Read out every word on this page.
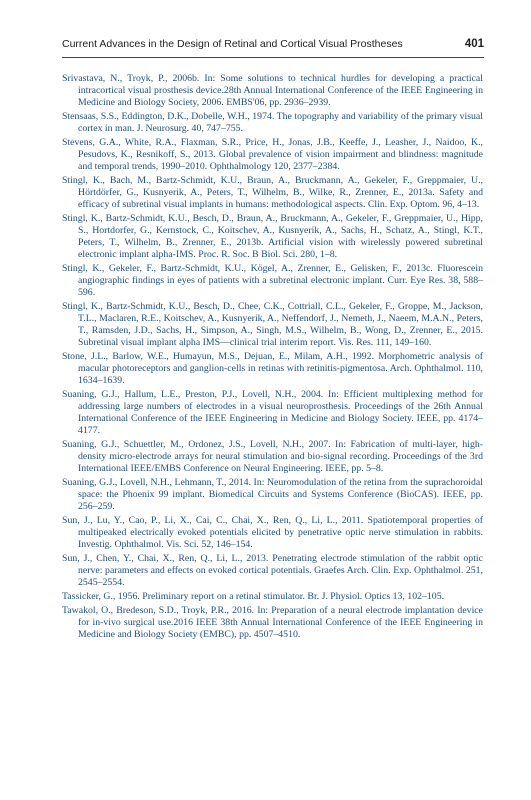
Current Advances in the Design of Retinal and Cortical Visual Prostheses	401
Srivastava, N., Troyk, P., 2006b. In: Some solutions to technical hurdles for developing a practical intracortical visual prosthesis device.28th Annual International Conference of the IEEE Engineering in Medicine and Biology Society, 2006. EMBS'06, pp. 2936–2939.
Stensaas, S.S., Eddington, D.K., Dobelle, W.H., 1974. The topography and variability of the primary visual cortex in man. J. Neurosurg. 40, 747–755.
Stevens, G.A., White, R.A., Flaxman, S.R., Price, H., Jonas, J.B., Keeffe, J., Leasher, J., Naidoo, K., Pesudovs, K., Resnikoff, S., 2013. Global prevalence of vision impairment and blindness: magnitude and temporal trends, 1990–2010. Ophthalmology 120, 2377–2384.
Stingl, K., Bach, M., Bartz-Schmidt, K.U., Braun, A., Bruckmann, A., Gekeler, F., Greppmaier, U., Hörtdörfer, G., Kusnyerik, A., Peters, T., Wilhelm, B., Wilke, R., Zrenner, E., 2013a. Safety and efficacy of subretinal visual implants in humans: methodological aspects. Clin. Exp. Optom. 96, 4–13.
Stingl, K., Bartz-Schmidt, K.U., Besch, D., Braun, A., Bruckmann, A., Gekeler, F., Greppmaier, U., Hipp, S., Hortdorfer, G., Kernstock, C., Koitschev, A., Kusnyerik, A., Sachs, H., Schatz, A., Stingl, K.T., Peters, T., Wilhelm, B., Zrenner, E., 2013b. Artificial vision with wirelessly powered subretinal electronic implant alpha-IMS. Proc. R. Soc. B Biol. Sci. 280, 1–8.
Stingl, K., Gekeler, F., Bartz-Schmidt, K.U., Kögel, A., Zrenner, E., Gelisken, F., 2013c. Fluorescein angiographic findings in eyes of patients with a subretinal electronic implant. Curr. Eye Res. 38, 588–596.
Stingl, K., Bartz-Schmidt, K.U., Besch, D., Chee, C.K., Cottriall, C.L., Gekeler, F., Groppe, M., Jackson, T.L., Maclaren, R.E., Koitschev, A., Kusnyerik, A., Neffendorf, J., Nemeth, J., Naeem, M.A.N., Peters, T., Ramsden, J.D., Sachs, H., Simpson, A., Singh, M.S., Wilhelm, B., Wong, D., Zrenner, E., 2015. Subretinal visual implant alpha IMS—clinical trial interim report. Vis. Res. 111, 149–160.
Stone, J.L., Barlow, W.E., Humayun, M.S., Dejuan, E., Milam, A.H., 1992. Morphometric analysis of macular photoreceptors and ganglion-cells in retinas with retinitis-pigmentosa. Arch. Ophthalmol. 110, 1634–1639.
Suaning, G.J., Hallum, L.E., Preston, P.J., Lovell, N.H., 2004. In: Efficient multiplexing method for addressing large numbers of electrodes in a visual neuroprosthesis. Proceedings of the 26th Annual International Conference of the IEEE Engineering in Medicine and Biology Society. IEEE, pp. 4174–4177.
Suaning, G.J., Schuettler, M., Ordonez, J.S., Lovell, N.H., 2007. In: Fabrication of multi-layer, high-density micro-electrode arrays for neural stimulation and bio-signal recording. Proceedings of the 3rd International IEEE/EMBS Conference on Neural Engineering. IEEE, pp. 5–8.
Suaning, G.J., Lovell, N.H., Lehmann, T., 2014. In: Neuromodulation of the retina from the suprachoroidal space: the Phoenix 99 implant. Biomedical Circuits and Systems Conference (BioCAS). IEEE, pp. 256–259.
Sun, J., Lu, Y., Cao, P., Li, X., Cai, C., Chai, X., Ren, Q., Li, L., 2011. Spatiotemporal properties of multipeaked electrically evoked potentials elicited by penetrative optic nerve stimulation in rabbits. Investig. Ophthalmol. Vis. Sci. 52, 146–154.
Sun, J., Chen, Y., Chai, X., Ren, Q., Li, L., 2013. Penetrating electrode stimulation of the rabbit optic nerve: parameters and effects on evoked cortical potentials. Graefes Arch. Clin. Exp. Ophthalmol. 251, 2545–2554.
Tassicker, G., 1956. Preliminary report on a retinal stimulator. Br. J. Physiol. Optics 13, 102–105.
Tawakol, O., Bredeson, S.D., Troyk, P.R., 2016. In: Preparation of a neural electrode implantation device for in-vivo surgical use.2016 IEEE 38th Annual International Conference of the IEEE Engineering in Medicine and Biology Society (EMBC), pp. 4507–4510.
